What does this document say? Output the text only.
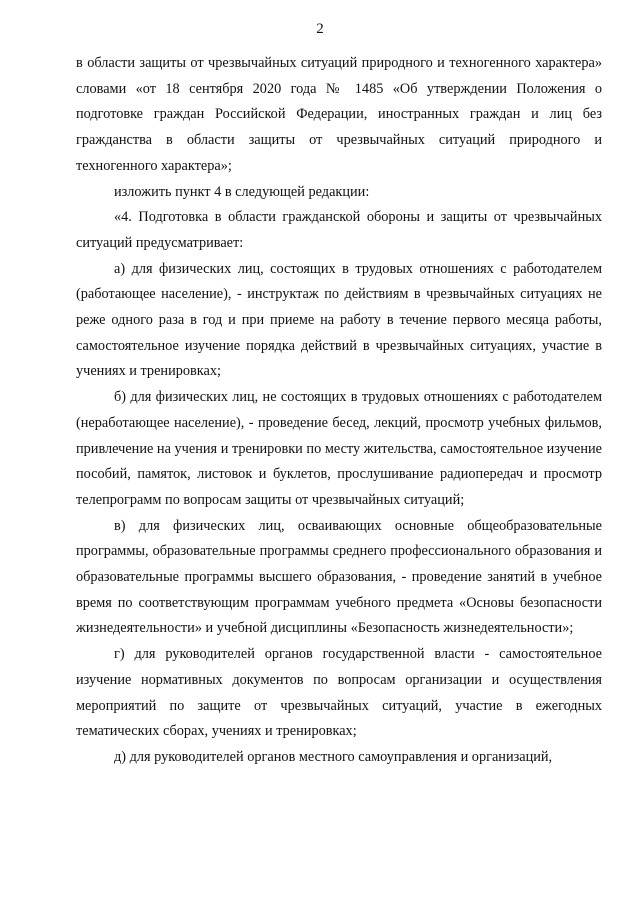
2

в области защиты от чрезвычайных ситуаций природного и техногенного характера» словами «от 18 сентября 2020 года № 1485 «Об утверждении Положения о подготовке граждан Российской Федерации, иностранных граждан и лиц без гражданства в области защиты от чрезвычайных ситуаций природного и техногенного характера»;

изложить пункт 4 в следующей редакции:

«4. Подготовка в области гражданской обороны и защиты от чрезвычайных ситуаций предусматривает:

а) для физических лиц, состоящих в трудовых отношениях с работодателем (работающее население), - инструктаж по действиям в чрезвычайных ситуациях не реже одного раза в год и при приеме на работу в течение первого месяца работы, самостоятельное изучение порядка действий в чрезвычайных ситуациях, участие в учениях и тренировках;

б) для физических лиц, не состоящих в трудовых отношениях с работодателем (неработающее население), - проведение бесед, лекций, просмотр учебных фильмов, привлечение на учения и тренировки по месту жительства, самостоятельное изучение пособий, памяток, листовок и буклетов, прослушивание радиопередач и просмотр телепрограмм по вопросам защиты от чрезвычайных ситуаций;

в) для физических лиц, осваивающих основные общеобразовательные программы, образовательные программы среднего профессионального образования и образовательные программы высшего образования, - проведение занятий в учебное время по соответствующим программам учебного предмета «Основы безопасности жизнедеятельности» и учебной дисциплины «Безопасность жизнедеятельности»;

г) для руководителей органов государственной власти - самостоятельное изучение нормативных документов по вопросам организации и осуществления мероприятий по защите от чрезвычайных ситуаций, участие в ежегодных тематических сборах, учениях и тренировках;

д) для руководителей органов местного самоуправления и организаций,
